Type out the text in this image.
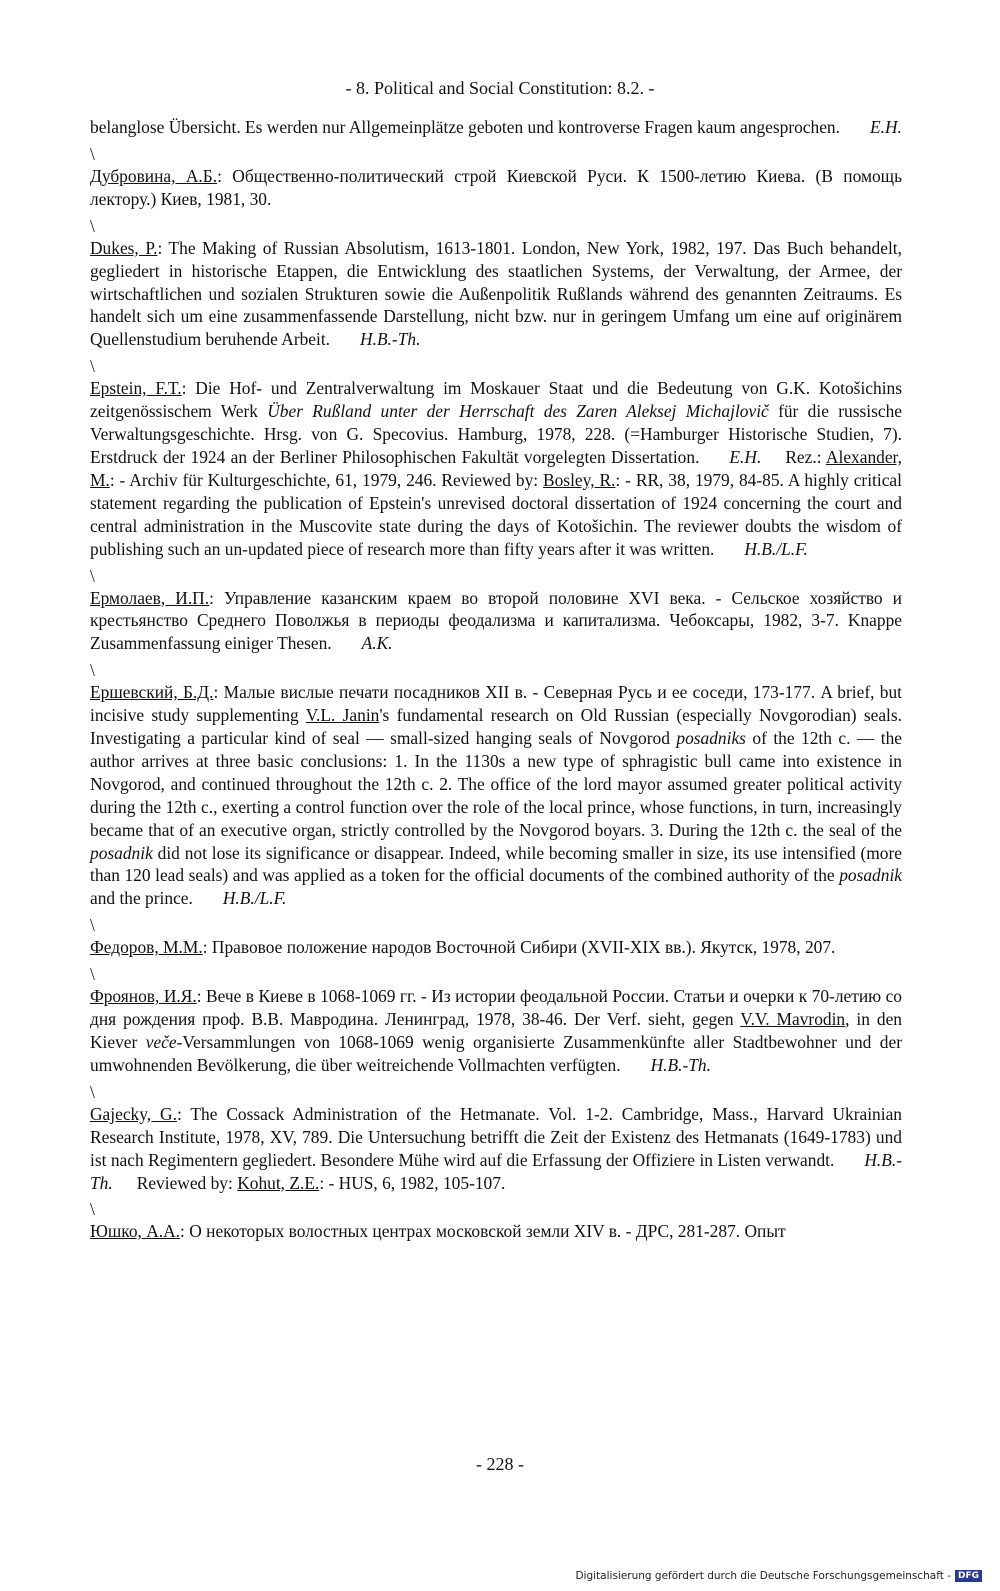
- 8. Political and Social Constitution: 8.2. -

belanglose Übersicht. Es werden nur Allgemeinplätze geboten und kontroverse Fragen kaum angesprochen. E.H.

\

Дубровина, А.Б.: Общественно-политический строй Киевской Руси. К 1500-летию Киева. (В помощь лектору.) Киев, 1981, 30.

\

Dukes, P.: The Making of Russian Absolutism, 1613-1801. London, New York, 1982, 197. Das Buch behandelt, gegliedert in historische Etappen, die Entwicklung des staatlichen Systems, der Verwaltung, der Armee, der wirtschaftlichen und sozialen Strukturen sowie die Außenpolitik Rußlands während des genannten Zeitraums. Es handelt sich um eine zusammenfassende Darstellung, nicht bzw. nur in geringem Umfang um eine auf originärem Quellenstudium beruhende Arbeit. H.B.-Th.

\

Epstein, F.T.: Die Hof- und Zentralverwaltung im Moskauer Staat und die Bedeutung von G.K. Kotošichins zeitgenössischem Werk Über Rußland unter der Herrschaft des Zaren Aleksej Michajlovič für die russische Verwaltungsgeschichte. Hrsg. von G. Specovius. Hamburg, 1978, 228. (=Hamburger Historische Studien, 7). Erstdruck der 1924 an der Berliner Philosophischen Fakultät vorgelegten Dissertation. E.H. Rez.: Alexander, M.: - Archiv für Kulturgeschichte, 61, 1979, 246. Reviewed by: Bosley, R.: - RR, 38, 1979, 84-85. A highly critical statement regarding the publication of Epstein's unrevised doctoral dissertation of 1924 concerning the court and central administration in the Muscovite state during the days of Kotošichin. The reviewer doubts the wisdom of publishing such an un-updated piece of research more than fifty years after it was written. H.B./L.F.

\

Ермолаев, И.П.: Управление казанским краем во второй половине XVI века. - Сельское хозяйство и крестьянство Среднего Поволжья в периоды феодализма и капитализма. Чебоксары, 1982, 3-7. Knappe Zusammenfassung einiger Thesen. A.K.

\

Ершевский, Б.Д.: Малые вислые печати посадников XII в. - Северная Русь и ее соседи, 173-177. A brief, but incisive study supplementing V.L. Janin's fundamental research on Old Russian (especially Novgorodian) seals. Investigating a particular kind of seal — small-sized hanging seals of Novgorod posadniks of the 12th c. — the author arrives at three basic conclusions: 1. In the 1130s a new type of sphragistic bull came into existence in Novgorod, and continued throughout the 12th c. 2. The office of the lord mayor assumed greater political activity during the 12th c., exerting a control function over the role of the local prince, whose functions, in turn, increasingly became that of an executive organ, strictly controlled by the Novgorod boyars. 3. During the 12th c. the seal of the posadnik did not lose its significance or disappear. Indeed, while becoming smaller in size, its use intensified (more than 120 lead seals) and was applied as a token for the official documents of the combined authority of the posadnik and the prince. H.B./L.F.

\

Федоров, М.М.: Правовое положение народов Восточной Сибири (XVII-XIX вв.). Якутск, 1978, 207.

\

Фроянов, И.Я.: Вече в Киеве в 1068-1069 гг. - Из истории феодальной России. Статьи и очерки к 70-летию со дня рождения проф. В.В. Мавродина. Ленинград, 1978, 38-46. Der Verf. sieht, gegen V.V. Mavrodin, in den Kiever veče-Versammlungen von 1068-1069 wenig organisierte Zusammenkünfte aller Stadtbewohner und der umwohnenden Bevölkerung, die über weitreichende Vollmachten verfügten. H.B.-Th.

\

Gajecky, G.: The Cossack Administration of the Hetmanate. Vol. 1-2. Cambridge, Mass., Harvard Ukrainian Research Institute, 1978, XV, 789. Die Untersuchung betrifft die Zeit der Existenz des Hetmanats (1649-1783) und ist nach Regimentern gegliedert. Besondere Mühe wird auf die Erfassung der Offiziere in Listen verwandt. H.B.-Th. Reviewed by: Kohut, Z.E.: - HUS, 6, 1982, 105-107.

\

Юшко, А.А.: О некоторых волостных центрах московской земли XIV в. - ДРС, 281-287. Опыт

- 228 -
Digitalisierung gefördert durch die Deutsche Forschungsgemeinschaft - DFG
